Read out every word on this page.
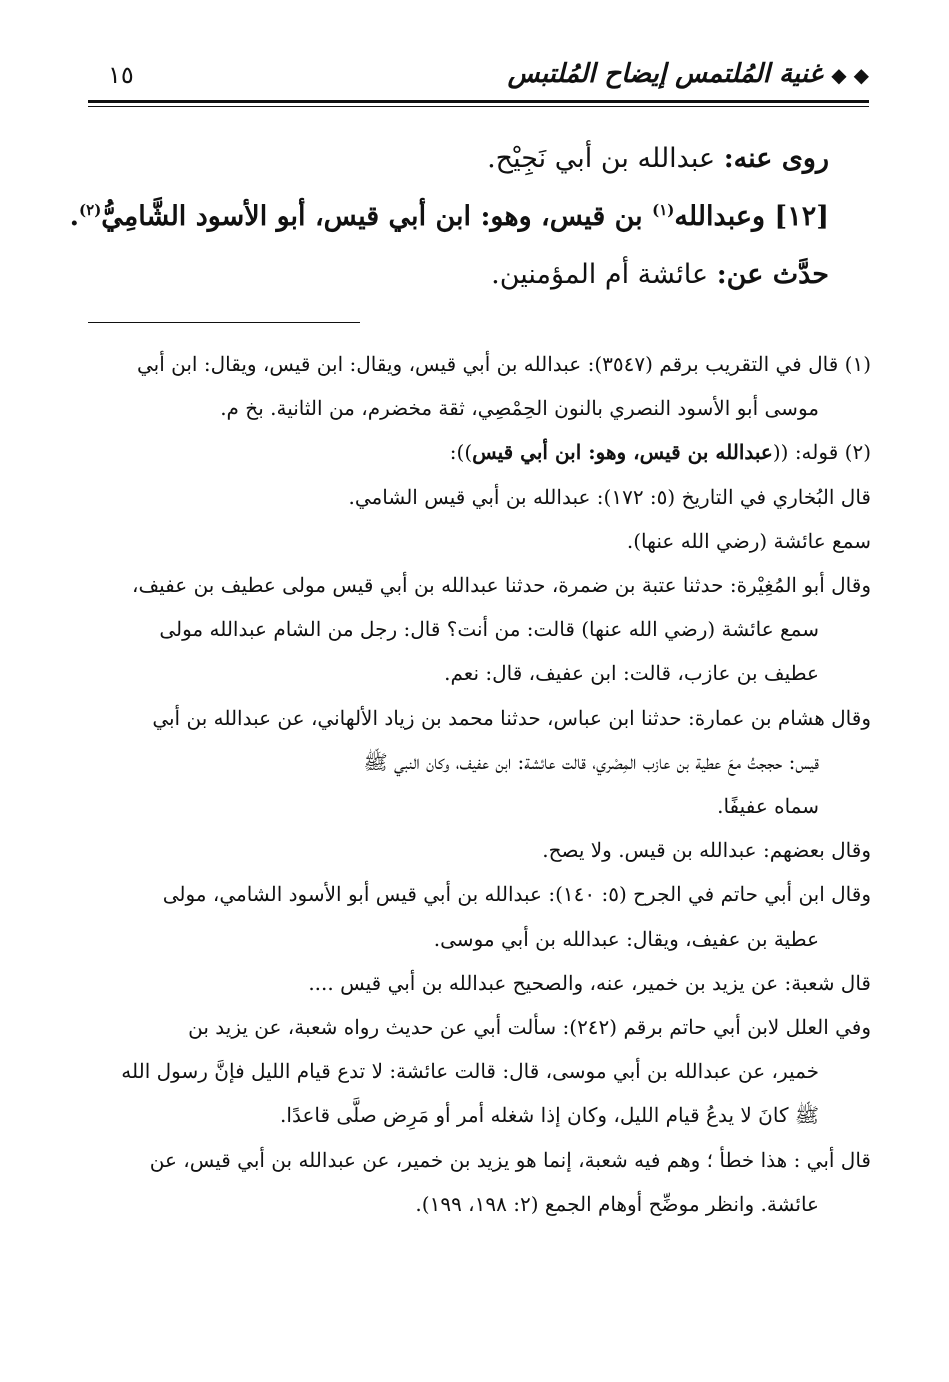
◆ ◆ غنية المُلتمس إيضاح المُلتبس
١٥
روى عنه: عبدالله بن أبي نَجِيْح.
[١٢] وعبدالله$^{(١)}$ بن قيس، وهو: ابن أبي قيس، أبو الأسود الشَّامِيُّ$^{(٢)}$.
حدَّث عن: عائشة أم المؤمنين.
(١) قال في التقريب برقم (٣٥٤٧): عبدالله بن أبي قيس، ويقال: ابن قيس، ويقال: ابن أبي
موسى أبو الأسود النصري بالنون الحِمْصِي، ثقة مخضرم، من الثانية. بخ م.
(٢) قوله: ((عبدالله بن قيس، وهو: ابن أبي قيس)):
قال البُخاري في التاريخ (٥: ١٧٢): عبدالله بن أبي قيس الشامي.
سمع عائشة (رضي الله عنها).
وقال أبو المُغِيْرة: حدثنا عتبة بن ضمرة، حدثنا عبدالله بن أبي قيس مولى عطيف بن عفيف،
سمع عائشة (رضي الله عنها) قالت: من أنت؟ قال: رجل من الشام عبدالله مولى
عطيف بن عازب، قالت: ابن عفيف، قال: نعم.
وقال هشام بن عمارة: حدثنا ابن عباس، حدثنا محمد بن زياد الألهاني، عن عبدالله بن أبي
قيس: حججتُ معَ عطية بن عازب المِصْري، قالت عائشة: ابن عفيف، وكان النبي ﷺ
سماه عفيفًا.
وقال بعضهم: عبدالله بن قيس. ولا يصح.
وقال ابن أبي حاتم في الجرح (٥: ١٤٠): عبدالله بن أبي قيس أبو الأسود الشامي، مولى
عطية بن عفيف، ويقال: عبدالله بن أبي موسى.
قال شعبة: عن يزيد بن خمير، عنه، والصحيح عبدالله بن أبي قيس ....
وفي العلل لابن أبي حاتم برقم (٢٤٢): سألت أبي عن حديث رواه شعبة، عن يزيد بن
خمير، عن عبدالله بن أبي موسى، قال: قالت عائشة: لا تدع قيام الليل فإنَّ رسول الله
ﷺ كانَ لا يدعُ قيام الليل، وكان إذا شغله أمر أو مَرِض صلَّى قاعدًا.
قال أبي : هذا خطأ ؛ وهم فيه شعبة، إنما هو يزيد بن خمير، عن عبدالله بن أبي قيس، عن
عائشة. وانظر موضِّح أوهام الجمع (٢: ١٩٨، ١٩٩).
